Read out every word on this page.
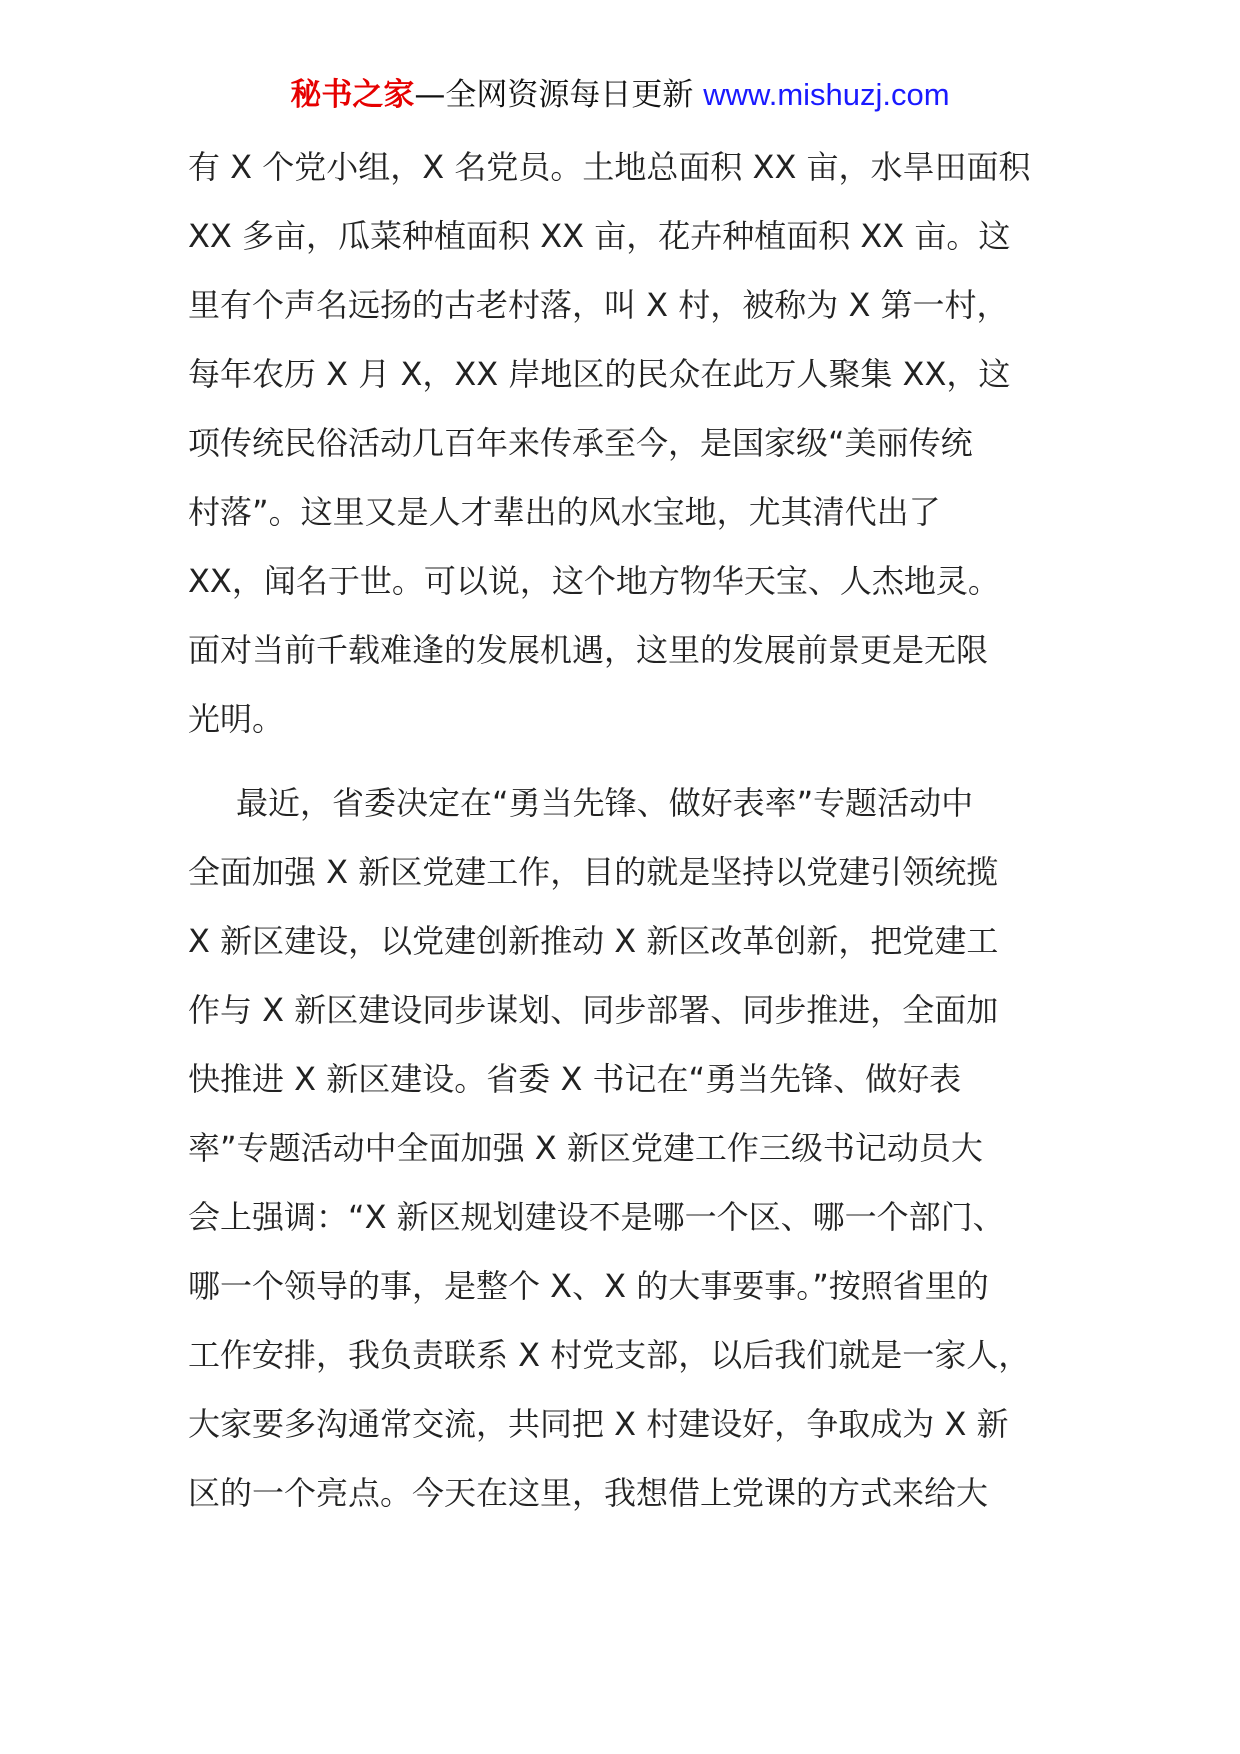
秘书之家—全网资源每日更新 www.mishuzj.com
有 X 个党小组，X 名党员。土地总面积 XX 亩，水旱田面积
XX 多亩，瓜菜种植面积 XX 亩，花卉种植面积 XX 亩。这
里有个声名远扬的古老村落，叫 X 村，被称为 X 第一村，
每年农历 X 月 X，XX 岸地区的民众在此万人聚集 XX，这
项传统民俗活动几百年来传承至今，是国家级“美丽传统
村落”。这里又是人才辈出的风水宝地，尤其清代出了
XX，闻名于世。可以说，这个地方物华天宝、人杰地灵。
面对当前千载难逢的发展机遇，这里的发展前景更是无限
光明。
最近，省委决定在“勇当先锋、做好表率”专题活动中
全面加强 X 新区党建工作，目的就是坚持以党建引领统揽
X 新区建设，以党建创新推动 X 新区改革创新，把党建工
作与 X 新区建设同步谋划、同步部署、同步推进，全面加
快推进 X 新区建设。省委 X 书记在“勇当先锋、做好表
率”专题活动中全面加强 X 新区党建工作三级书记动员大
会上强调：“X 新区规划建设不是哪一个区、哪一个部门、
哪一个领导的事，是整个 X、X 的大事要事。”按照省里的
工作安排，我负责联系 X 村党支部，以后我们就是一家人，
大家要多沟通常交流，共同把 X 村建设好，争取成为 X 新
区的一个亮点。今天在这里，我想借上党课的方式来给大
